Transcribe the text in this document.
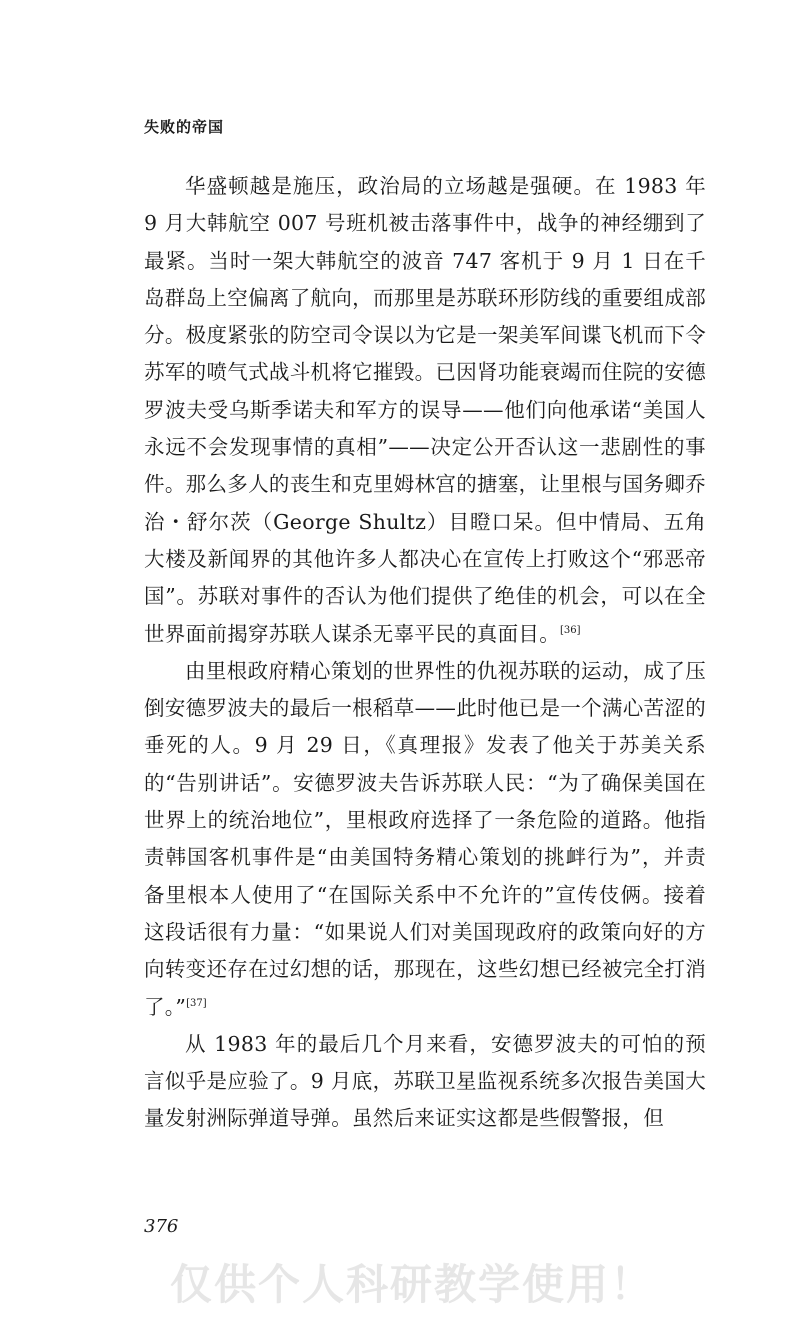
失败的帝国

华盛顿越是施压，政治局的立场越是强硬。在 1983 年 9 月大韩航空 007 号班机被击落事件中，战争的神经绷到了最紧。当时一架大韩航空的波音 747 客机于 9 月 1 日在千岛群岛上空偏离了航向，而那里是苏联环形防线的重要组成部分。极度紧张的防空司令误以为它是一架美军间谍飞机而下令苏军的喷气式战斗机将它摧毁。已因肾功能衰竭而住院的安德罗波夫受乌斯季诺夫和军方的误导——他们向他承诺“美国人永远不会发现事情的真相”——决定公开否认这一悲剧性的事件。那么多人的丧生和克里姆林宫的搪塞，让里根与国务卿乔治・舒尔茨（George Shultz）目瞪口呆。但中情局、五角大楼及新闻界的其他许多人都决心在宣传上打败这个“邪恶帝国”。苏联对事件的否认为他们提供了绝佳的机会，可以在全世界面前揭穿苏联人谋杀无辜平民的真面目。[36]

由里根政府精心策划的世界性的仇视苏联的运动，成了压倒安德罗波夫的最后一根稻草——此时他已是一个满心苦涩的垂死的人。9 月 29 日，《真理报》发表了他关于苏美关系的“告别讲话”。安德罗波夫告诉苏联人民：“为了确保美国在世界上的统治地位”，里根政府选择了一条危险的道路。他指责韩国客机事件是“由美国特务精心策划的挑衅行为”，并责备里根本人使用了“在国际关系中不允许的”宣传伎俩。接着这段话很有力量：“如果说人们对美国现政府的政策向好的方向转变还存在过幻想的话，那现在，这些幻想已经被完全打消了。”[37]

从 1983 年的最后几个月来看，安德罗波夫的可怕的预言似乎是应验了。9 月底，苏联卫星监视系统多次报告美国大量发射洲际弹道导弹。虽然后来证实这都是些假警报，但

376
仅供个人科研教学使用！
